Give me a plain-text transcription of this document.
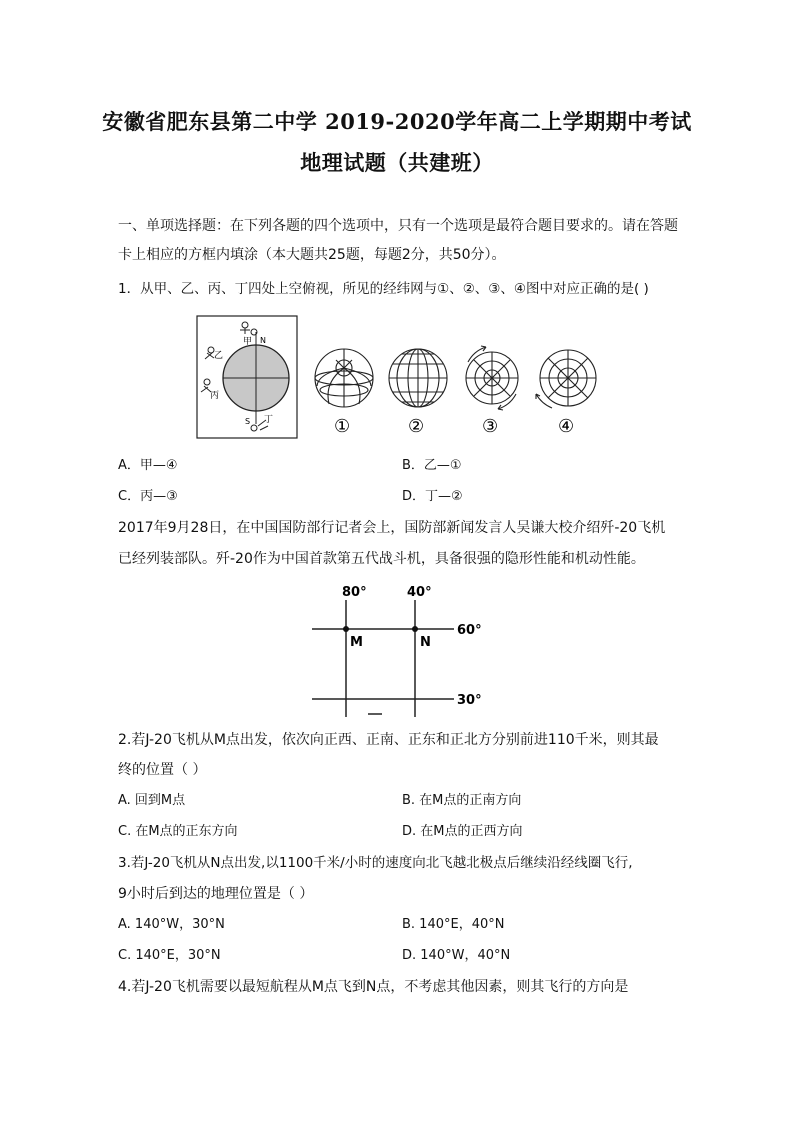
安徽省肥东县第二中学 2019-2020学年高二上学期期中考试
地理试题（共建班）
一、单项选择题：在下列各题的四个选项中，只有一个选项是最符合题目要求的。请在答题
卡上相应的方框内填涂（本大题共25题，每题2分，共50分）。
1．从甲、乙、丙、丁四处上空俯视，所见的经纬网与①、②、③、④图中对应正确的是( )
N
S
甲
乙
丙
丁	①	②	③	④
A．甲—④	B．乙—①
C．丙—③	D．丁—②
2017年9月28日，在中国国防部行记者会上，国防部新闻发言人吴谦大校介绍歼-20飞机
已经列装部队。歼-20作为中国首款第五代战斗机，具备很强的隐形性能和机动性能。
80°	40°
60°
30°
M	N
2.若J-20飞机从M点出发，依次向正西、正南、正东和正北方分别前进110千米，则其最
终的位置（ ）
A. 回到M点	B. 在M点的正南方向
C. 在M点的正东方向	D. 在M点的正西方向
3.若J-20飞机从N点出发,以1100千米/小时的速度向北飞越北极点后继续沿经线圈飞行,
9小时后到达的地理位置是（ ）
A. 140°W，30°N	B. 140°E，40°N
C. 140°E，30°N	D. 140°W，40°N
4.若J-20飞机需要以最短航程从M点飞到N点，不考虑其他因素，则其飞行的方向是
